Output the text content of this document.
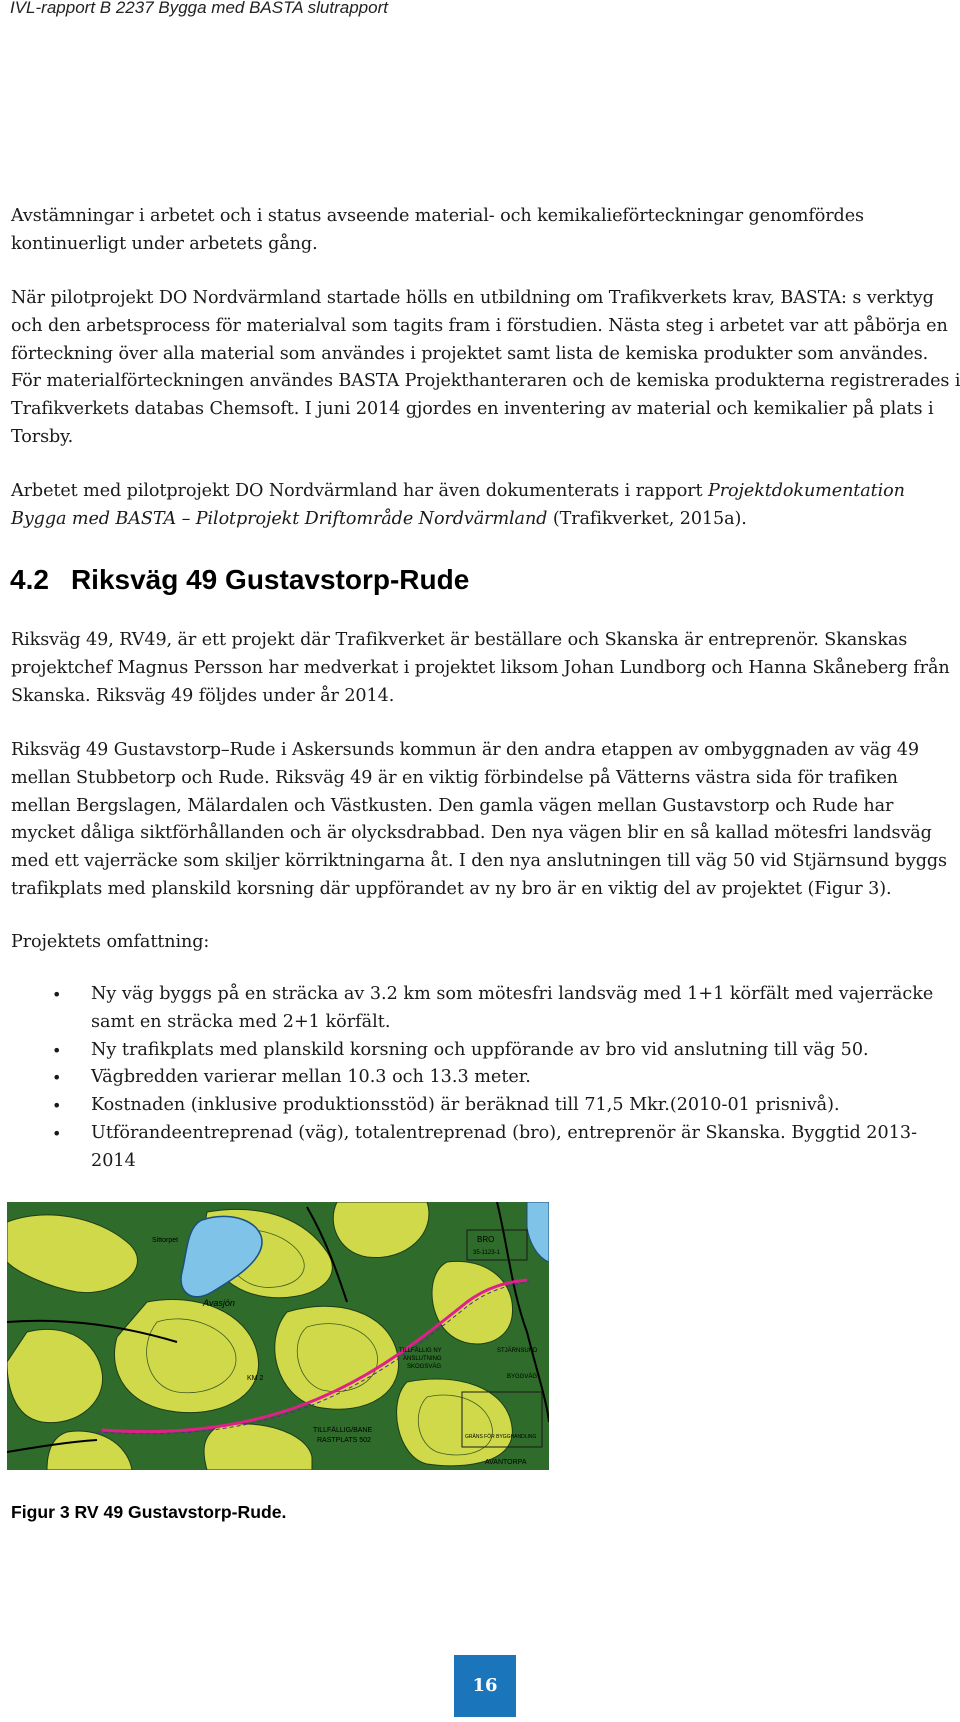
IVL-rapport B 2237 Bygga med BASTA slutrapport

Avstämningar i arbetet och i status avseende material- och kemikalieförteckningar genomfördes kontinuerligt under arbetets gång.

När pilotprojekt DO Nordvärmland startade hölls en utbildning om Trafikverkets krav, BASTA: s verktyg och den arbetsprocess för materialval som tagits fram i förstudien. Nästa steg i arbetet var att påbörja en förteckning över alla material som användes i projektet samt lista de kemiska produkter som användes. För materialförteckningen användes BASTA Projekthanteraren och de kemiska produkterna registrerades i Trafikverkets databas Chemsoft. I juni 2014 gjordes en inventering av material och kemikalier på plats i Torsby.

Arbetet med pilotprojekt DO Nordvärmland har även dokumenterats i rapport Projektdokumentation Bygga med BASTA – Pilotprojekt Driftområde Nordvärmland (Trafikverket, 2015a).

4.2 Riksväg 49 Gustavstorp-Rude

Riksväg 49, RV49, är ett projekt där Trafikverket är beställare och Skanska är entreprenör. Skanskas projektchef Magnus Persson har medverkat i projektet liksom Johan Lundborg och Hanna Skåneberg från Skanska. Riksväg 49 följdes under år 2014.

Riksväg 49 Gustavstorp–Rude i Askersunds kommun är den andra etappen av ombyggnaden av väg 49 mellan Stubbetorp och Rude. Riksväg 49 är en viktig förbindelse på Vätterns västra sida för trafiken mellan Bergslagen, Mälardalen och Västkusten. Den gamla vägen mellan Gustavstorp och Rude har mycket dåliga siktförhållanden och är olycksdrabbad. Den nya vägen blir en så kallad mötesfri landsväg med ett vajerräcke som skiljer körriktningarna åt. I den nya anslutningen till väg 50 vid Stjärnsund byggs trafikplats med planskild korsning där uppförandet av ny bro är en viktig del av projektet (Figur 3).

Projektets omfattning:

• Ny väg byggs på en sträcka av 3.2 km som mötesfri landsväg med 1+1 körfält med vajerräcke samt en sträcka med 2+1 körfält.
• Ny trafikplats med planskild korsning och uppförande av bro vid anslutning till väg 50.
• Vägbredden varierar mellan 10.3 och 13.3 meter.
• Kostnaden (inklusive produktionsstöd) är beräknad till 71,5 Mkr.(2010-01 prisnivå).
• Utförandeentreprenad (väg), totalentreprenad (bro), entreprenör är Skanska. Byggtid 2013-2014
Avasjön
Sittorpet	BRO
35-1123-1
TILLFÄLLIG NY
ANSLUTNING
SKOGSVÄG
TILLFÄLLIG/BANE
RASTPLATS 502	GRÄNS FÖR BYGGHANDLING
BYGGVÄG
STJÄRNSUND
AVANTORPA
KM 2

Figur 3 RV 49 Gustavstorp-Rude.

16
